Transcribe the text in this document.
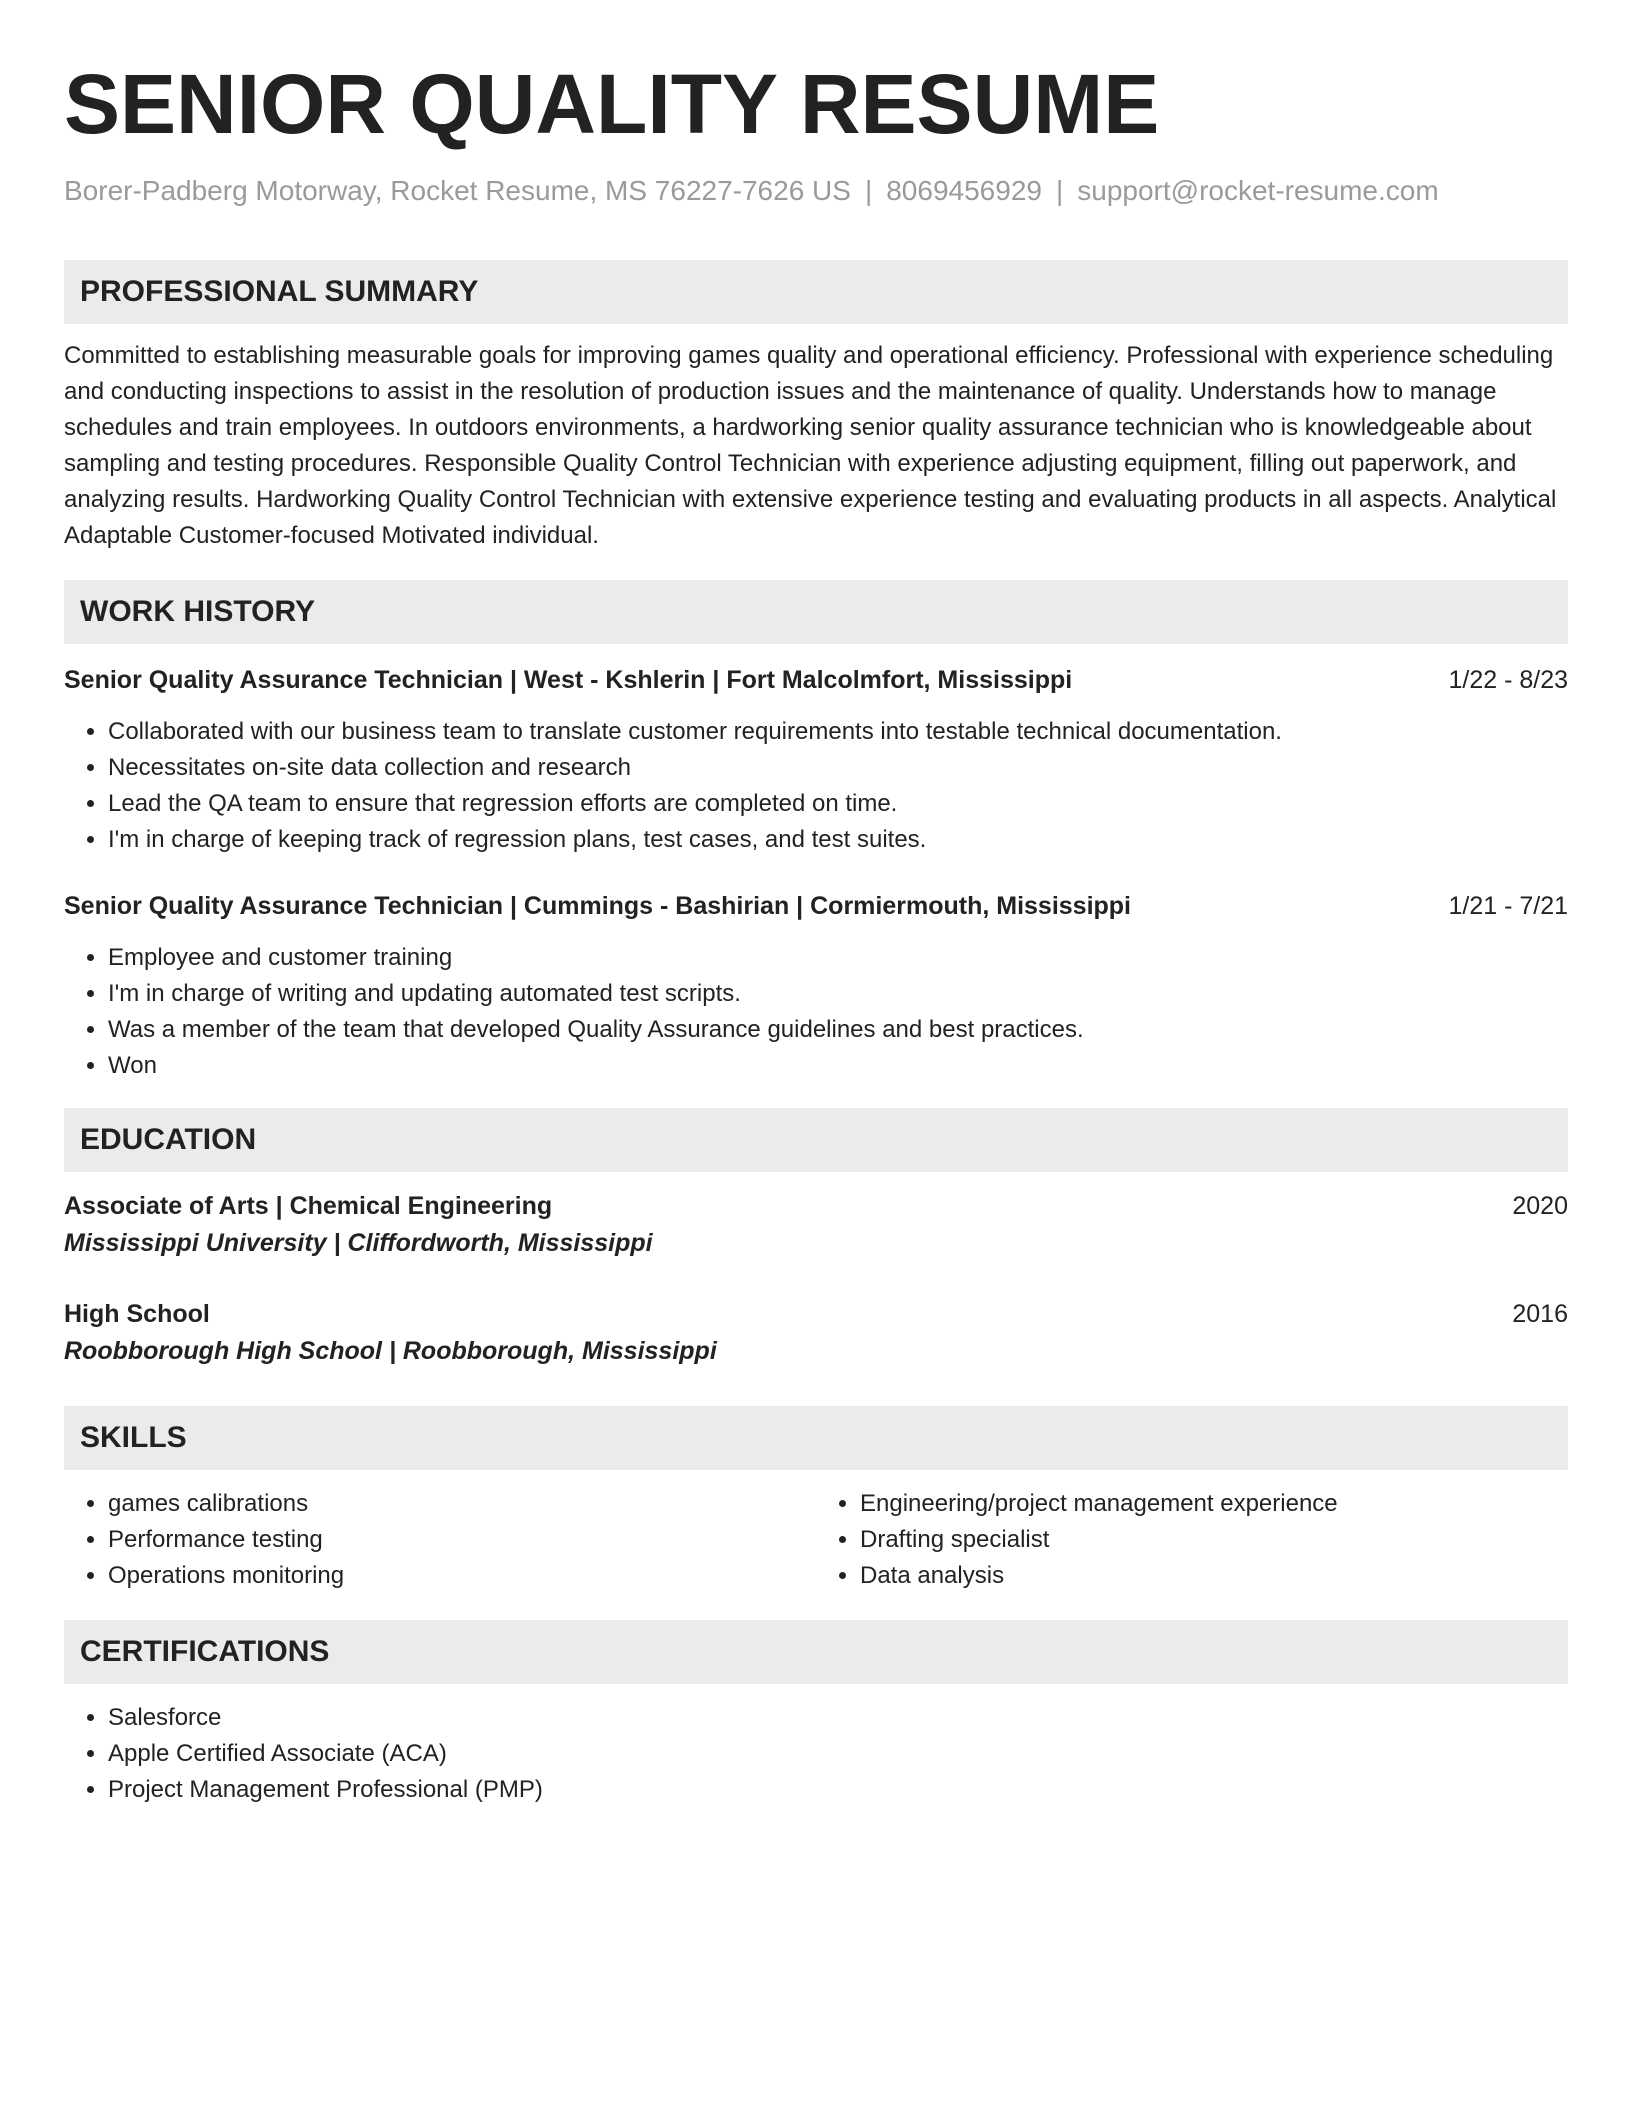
SENIOR QUALITY RESUME
Borer-Padberg Motorway, Rocket Resume, MS 76227-7626 US | 8069456929 | support@rocket-resume.com
PROFESSIONAL SUMMARY
Committed to establishing measurable goals for improving games quality and operational efficiency. Professional with experience scheduling and conducting inspections to assist in the resolution of production issues and the maintenance of quality. Understands how to manage schedules and train employees. In outdoors environments, a hardworking senior quality assurance technician who is knowledgeable about sampling and testing procedures. Responsible Quality Control Technician with experience adjusting equipment, filling out paperwork, and analyzing results. Hardworking Quality Control Technician with extensive experience testing and evaluating products in all aspects. Analytical Adaptable Customer-focused Motivated individual.
WORK HISTORY
Senior Quality Assurance Technician | West - Kshlerin | Fort Malcolmfort, Mississippi	1/22 - 8/23
• Collaborated with our business team to translate customer requirements into testable technical documentation.
• Necessitates on-site data collection and research
• Lead the QA team to ensure that regression efforts are completed on time.
• I'm in charge of keeping track of regression plans, test cases, and test suites.
Senior Quality Assurance Technician | Cummings - Bashirian | Cormiermouth, Mississippi	1/21 - 7/21
• Employee and customer training
• I'm in charge of writing and updating automated test scripts.
• Was a member of the team that developed Quality Assurance guidelines and best practices.
• Won
EDUCATION
Associate of Arts | Chemical Engineering	2020
Mississippi University | Cliffordworth, Mississippi
High School	2016
Roobborough High School | Roobborough, Mississippi
SKILLS
• games calibrations
• Performance testing
• Operations monitoring
• Engineering/project management experience
• Drafting specialist
• Data analysis
CERTIFICATIONS
• Salesforce
• Apple Certified Associate (ACA)
• Project Management Professional (PMP)
